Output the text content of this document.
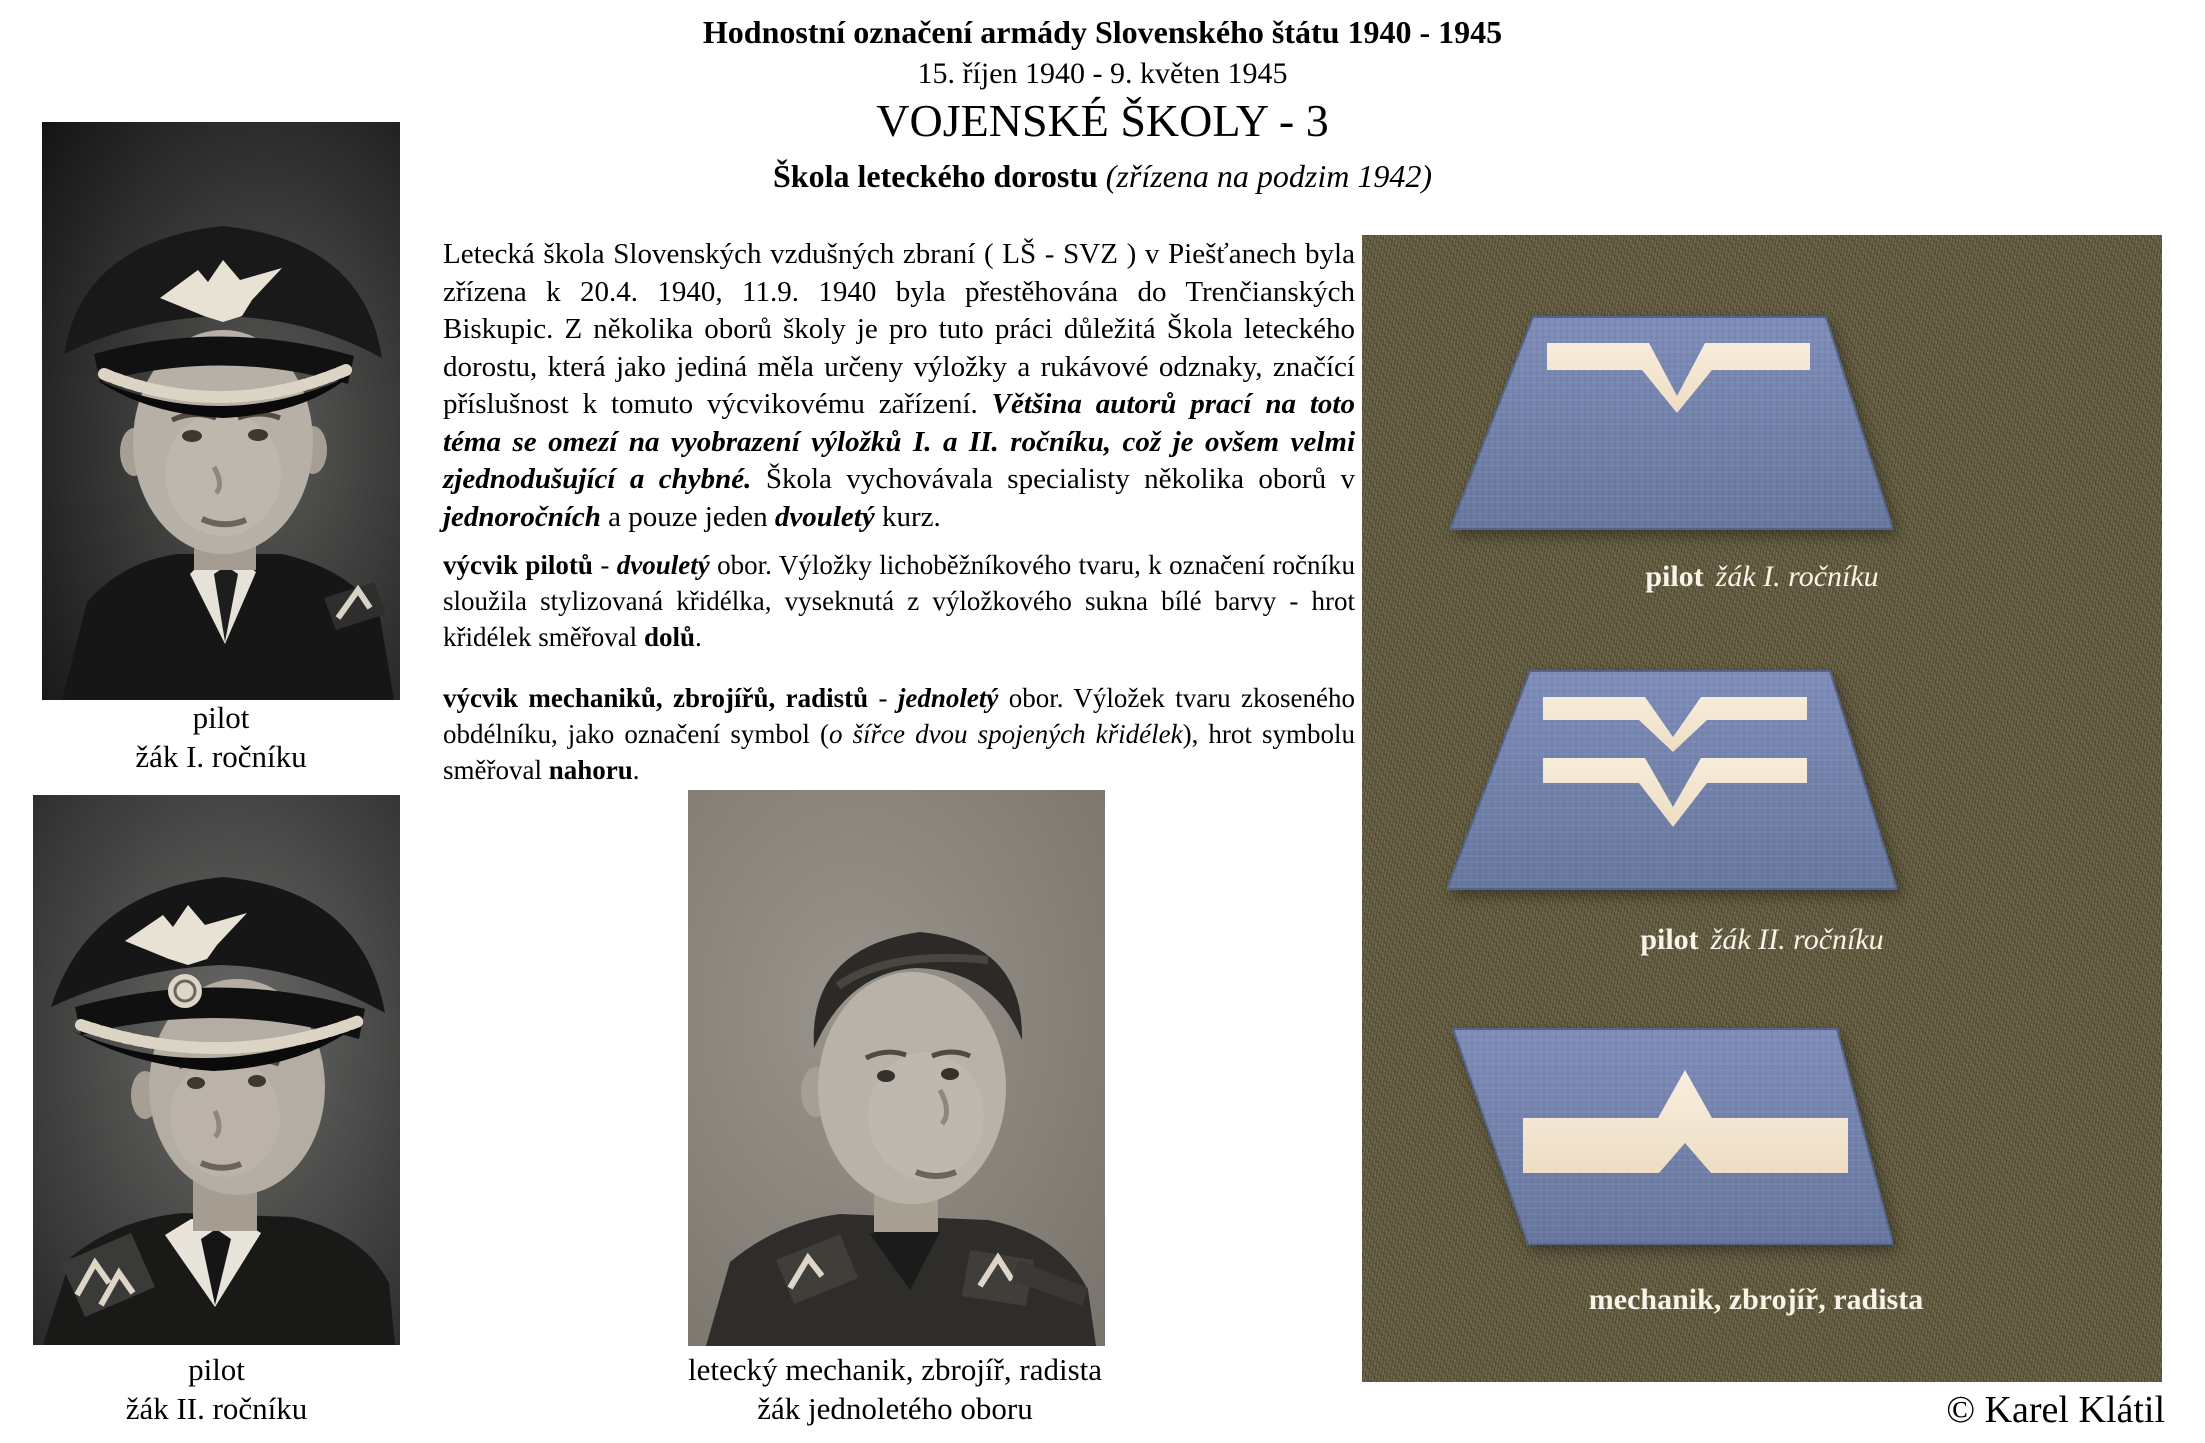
Hodnostní označení armády Slovenského štátu 1940 - 1945
15. říjen 1940 - 9. květen 1945
VOJENSKÉ ŠKOLY - 3
Škola leteckého dorostu (zřízena na podzim 1942)
pilot
žák I. ročníku
pilot
žák II. ročníku
letecký mechanik, zbrojíř, radista
žák jednoletého oboru
Letecká škola Slovenských vzdušných zbraní ( LŠ - SVZ ) v Piešťanech byla zřízena k 20.4. 1940, 11.9. 1940 byla přestěhována do Trenčianských Biskupic. Z několika oborů školy je pro tuto práci důležitá Škola leteckého dorostu, která jako jediná měla určeny výložky a rukávové odznaky, značící příslušnost k tomuto výcvikovému zařízení. Většina autorů prací na toto téma se omezí na vyobrazení výložků I. a II. ročníku, což je ovšem velmi zjednodušující a chybné. Škola vychovávala specialisty několika oborů v jednoročních a pouze jeden dvouletý kurz.
výcvik pilotů - dvouletý obor. Výložky lichoběžníkového tvaru, k označení ročníku sloužila stylizovaná křidélka, vyseknutá z výložkového sukna bílé barvy - hrot křidélek směřoval dolů.
výcvik mechaniků, zbrojířů, radistů - jednoletý obor. Výložek tvaru zkoseného obdélníku, jako označení symbol (o šířce dvou spojených křidélek), hrot symbolu směřoval nahoru.
pilot žák I. ročníku
pilot žák II. ročníku
mechanik, zbrojíř, radista
© Karel Klátil
